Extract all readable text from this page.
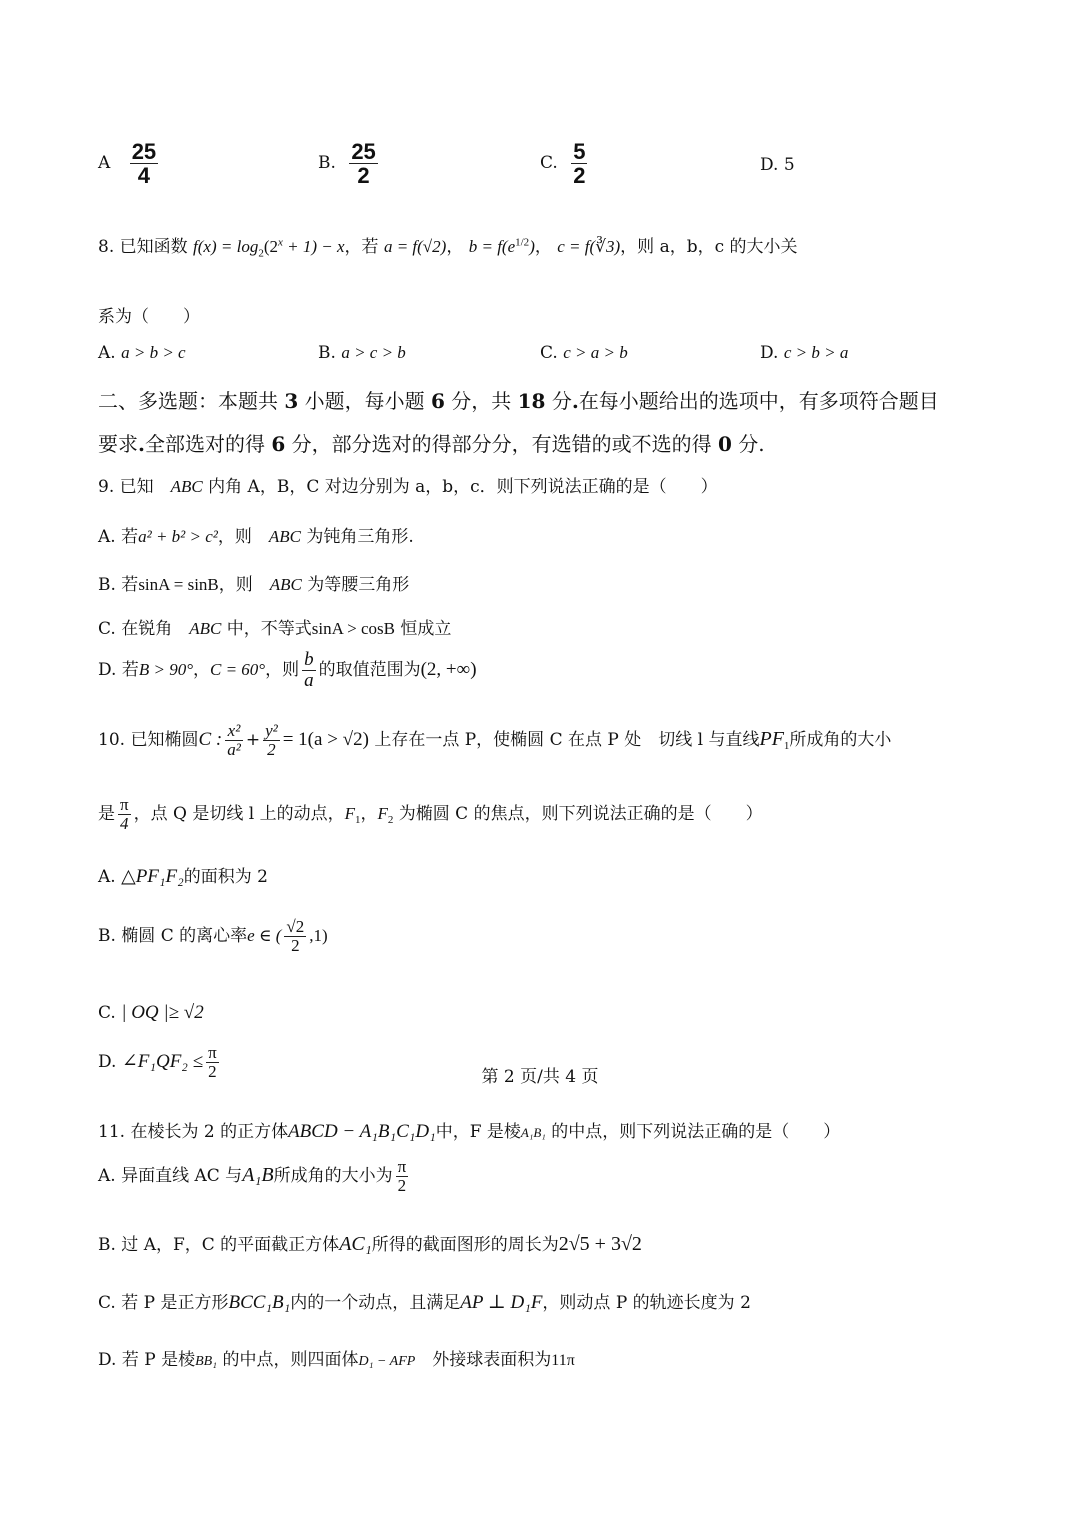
A $\frac{25}{4}$	B. $\frac{25}{2}$	C. $\frac{5}{2}$	D. 5
8. 已知函数 $f(x) = \log_2(2^x + 1) - x$，若 a = f(√2)， $b = f(e^{1/2})$， c = f(∛3)，则 a，b，c 的大小关
系为（　　）
A. a > b > c	B. a > c > b	C. c > a > b	D. c > b > a
二、多选题：本题共 3 小题，每小题 6 分，共 18 分.在每小题给出的选项中，有多项符合题目
要求.全部选对的得 6 分，部分选对的得部分分，有选错的或不选的得 0 分.
9. 已知　 ABC 内角 A，B，C 对边分别为 a，b，c．则下列说法正确的是（　　）
A. 若a² + b² > c²，则　 ABC 为钝角三角形.
B. 若sinA = sinB，则　 ABC 为等腰三角形
C. 在锐角　 ABC 中，不等式sinA > cosB 恒成立
D. 若B > 90°，C = 60°，则 $\frac{b}{a}$ 的取值范围为(2, +∞)
10. 已知椭圆C : $\frac{\text{x²}}{\text{a²}} + \frac{\text{y²}}{2} = 1(a > √2)$ 上存在一点 P，使椭圆 C 在点 P 处　切线 l 与直线$PF_1$所成角的大小
是 $\frac{\pi}{4}$ ，点 Q 是切线 l 上的动点，$F_1$，$F_2$ 为椭圆 C 的焦点，则下列说法正确的是（　　）
A. △PF₁F₂的面积为 2
B. 椭圆 C 的离心率e ∈ ( $\frac{√2}{2} ,1$)
C. | OQ |≥ √2
D. ∠F₁QF₂ ≤ $\frac{\pi}{2}$
11. 在棱长为 2 的正方体ABCD − A₁B₁C₁D₁中，F 是棱A₁B₁ 的中点，则下列说法正确的是（　　）
A. 异面直线 AC 与A₁B所成角的大小为 $\frac{\pi}{2}$
B. 过 A，F，C 的平面截正方体AC₁所得的截面图形的周长为2√5 + 3√2
C. 若 P 是正方形BCC₁B₁内的一个动点，且满足AP ⊥ D₁F，则动点 P 的轨迹长度为 2
D. 若 P 是棱BB₁ 的中点，则四面体D₁ − AFP　 外接球表面积为11π
第 2 页/共 4 页
